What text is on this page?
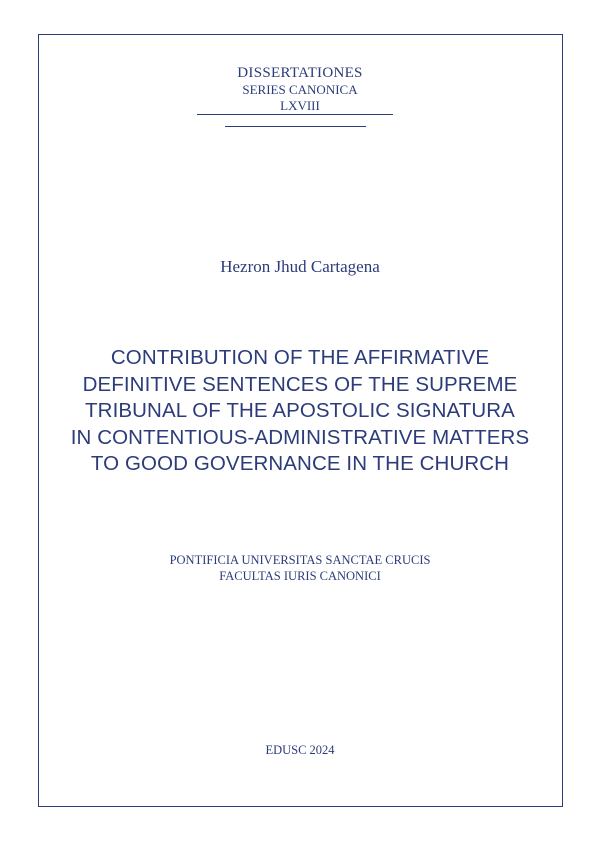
DISSERTATIONES
SERIES CANONICA
LXVIII
Hezron Jhud Cartagena
CONTRIBUTION OF THE AFFIRMATIVE
DEFINITIVE SENTENCES OF THE SUPREME
TRIBUNAL OF THE APOSTOLIC SIGNATURA
IN CONTENTIOUS-ADMINISTRATIVE MATTERS
TO GOOD GOVERNANCE IN THE CHURCH
PONTIFICIA UNIVERSITAS SANCTAE CRUCIS
FACULTAS IURIS CANONICI
EDUSC 2024
